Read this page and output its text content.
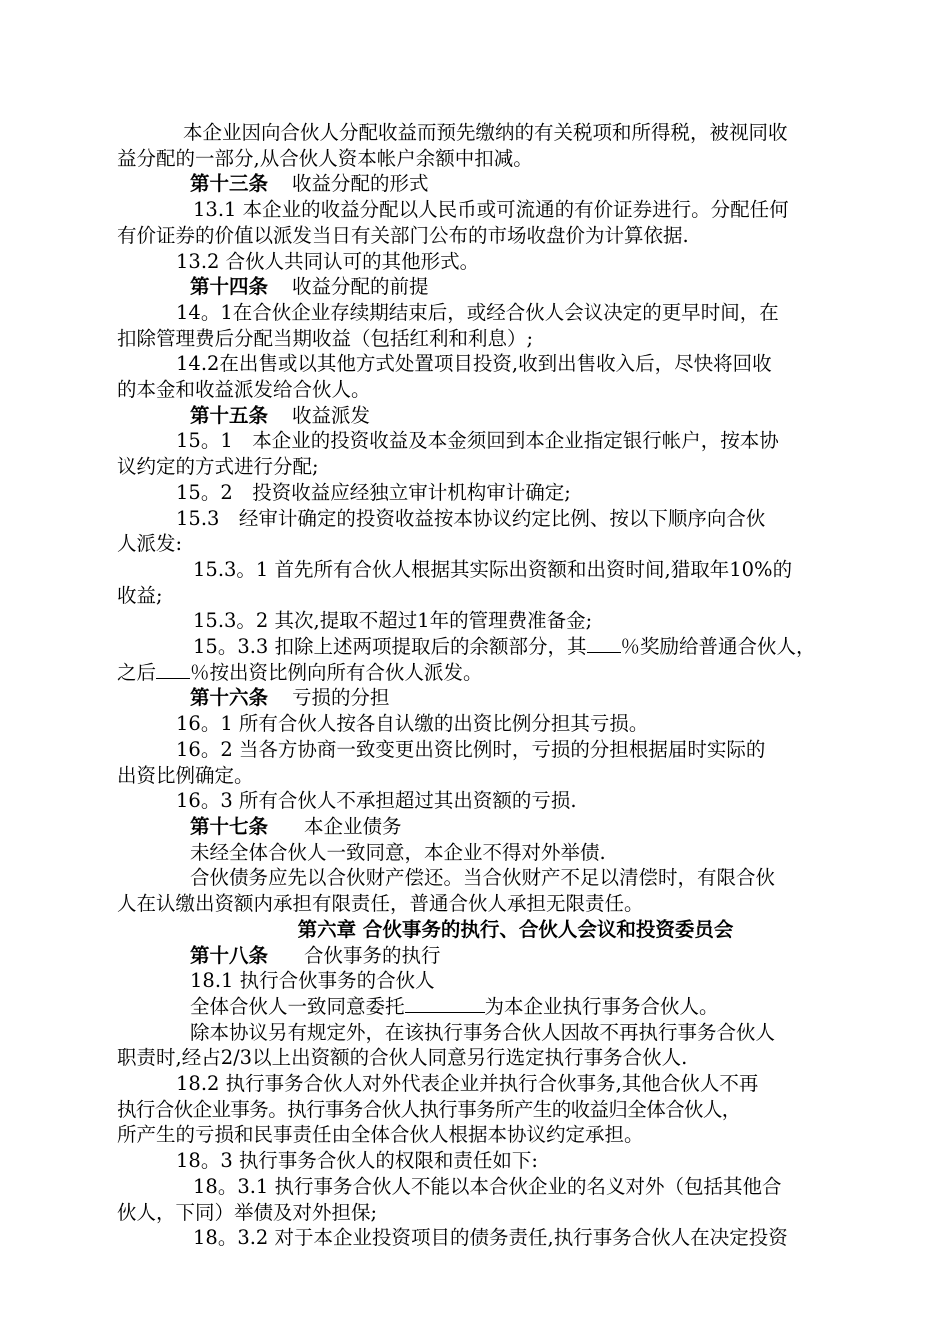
本企业因向合伙人分配收益而预先缴纳的有关税项和所得税，被视同收

益分配的一部分,从合伙人资本帐户余额中扣减。

第十三条 收益分配的形式

13.1 本企业的收益分配以人民币或可流通的有价证券进行。分配任何

有价证券的价值以派发当日有关部门公布的市场收盘价为计算依据.

13.2 合伙人共同认可的其他形式。

第十四条 收益分配的前提

14。1在合伙企业存续期结束后，或经合伙人会议决定的更早时间，在

扣除管理费后分配当期收益（包括红利和利息）;

14.2在出售或以其他方式处置项目投资,收到出售收入后，尽快将回收

的本金和收益派发给合伙人。

第十五条 收益派发

15。1　本企业的投资收益及本金须回到本企业指定银行帐户，按本协

议约定的方式进行分配;

15。2　投资收益应经独立审计机构审计确定;

15.3　经审计确定的投资收益按本协议约定比例、按以下顺序向合伙

人派发:

15.3。1 首先所有合伙人根据其实际出资额和出资时间,猎取年10%的

收益;

15.3。2 其次,提取不超过1年的管理费准备金;

15。3.3 扣除上述两项提取后的余额部分，其 ％奖励给普通合伙人，

之后 ％按出资比例向所有合伙人派发。

第十六条 亏损的分担

16。1 所有合伙人按各自认缴的出资比例分担其亏损。

16。2 当各方协商一致变更出资比例时，亏损的分担根据届时实际的

出资比例确定。

16。3 所有合伙人不承担超过其出资额的亏损.

第十七条 本企业债务

未经全体合伙人一致同意，本企业不得对外举债.

合伙债务应先以合伙财产偿还。当合伙财产不足以清偿时，有限合伙

人在认缴出资额内承担有限责任，普通合伙人承担无限责任。

第六章 合伙事务的执行、合伙人会议和投资委员会

第十八条 合伙事务的执行

18.1 执行合伙事务的合伙人

全体合伙人一致同意委托	为本企业执行事务合伙人。

除本协议另有规定外，在该执行事务合伙人因故不再执行事务合伙人

职责时,经占2/3以上出资额的合伙人同意另行选定执行事务合伙人.

18.2 执行事务合伙人对外代表企业并执行合伙事务,其他合伙人不再

执行合伙企业事务。执行事务合伙人执行事务所产生的收益归全体合伙人，

所产生的亏损和民事责任由全体合伙人根据本协议约定承担。

18。3 执行事务合伙人的权限和责任如下:

18。3.1 执行事务合伙人不能以本合伙企业的名义对外（包括其他合

伙人，下同）举债及对外担保;

18。3.2 对于本企业投资项目的债务责任,执行事务合伙人在决定投资
